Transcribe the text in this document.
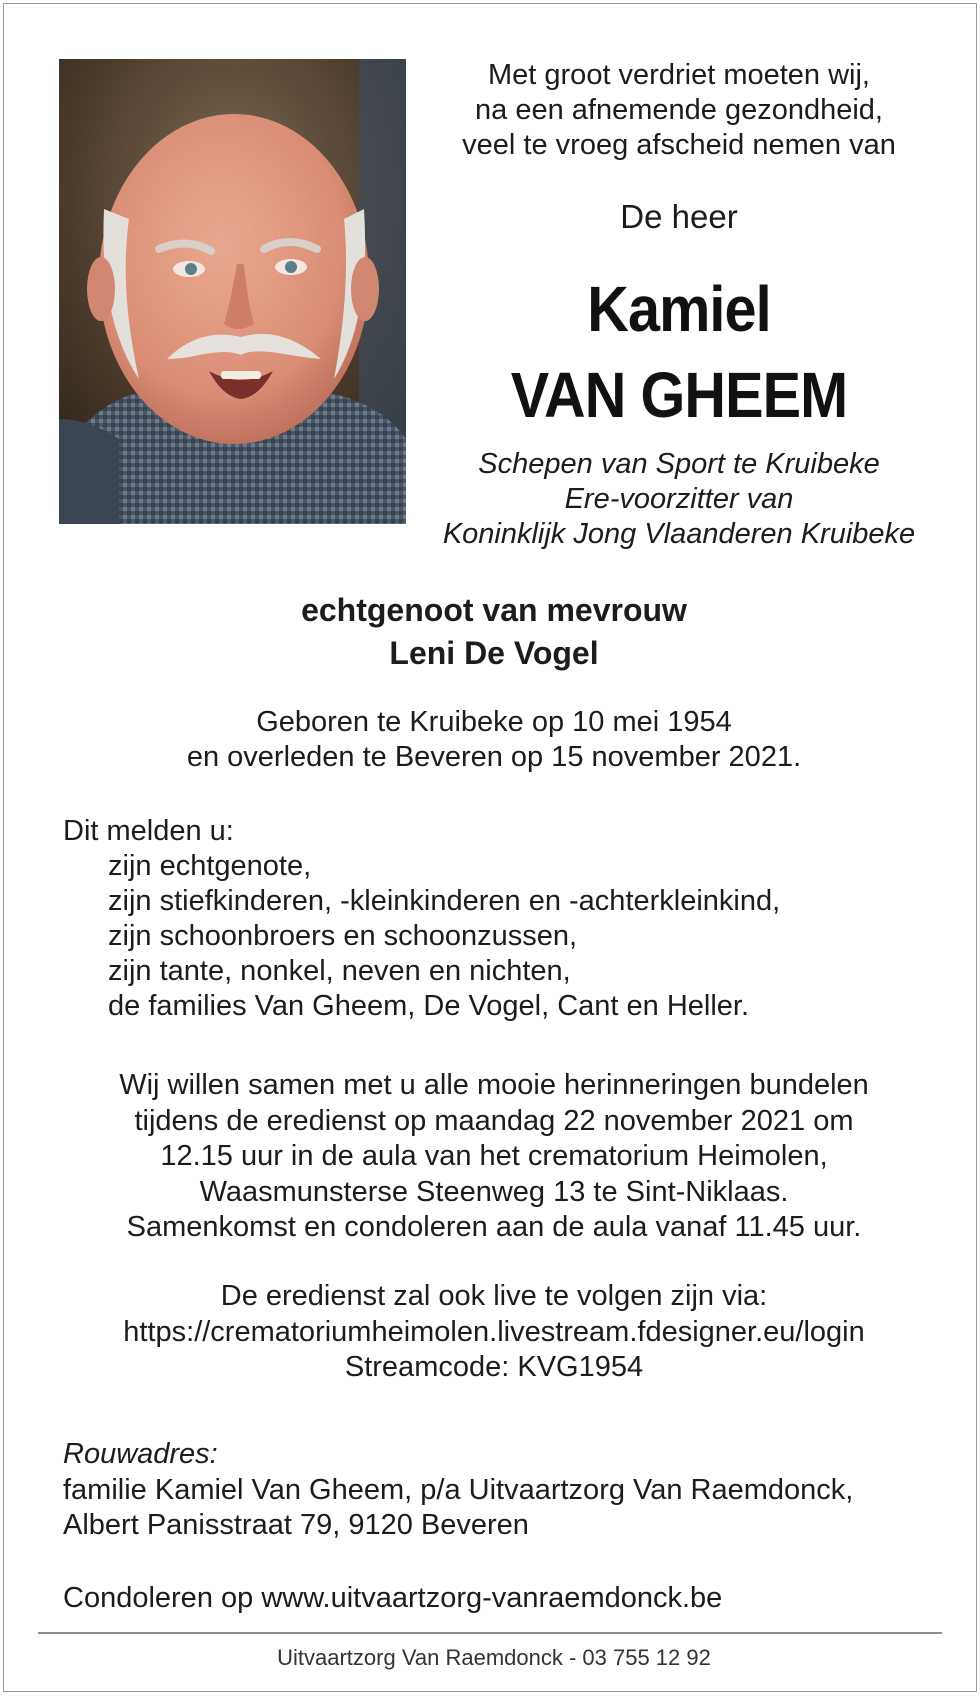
Met groot verdriet moeten wij,
na een afnemende gezondheid,
veel te vroeg afscheid nemen van
De heer
Kamiel
VAN GHEEM
Schepen van Sport te Kruibeke
Ere-voorzitter van
Koninklijk Jong Vlaanderen Kruibeke
echtgenoot van mevrouw
Leni De Vogel
Geboren te Kruibeke op 10 mei 1954
en overleden te Beveren op 15 november 2021.
Dit melden u:
zijn echtgenote,
zijn stiefkinderen, -kleinkinderen en -achterkleinkind,
zijn schoonbroers en schoonzussen,
zijn tante, nonkel, neven en nichten,
de families Van Gheem, De Vogel, Cant en Heller.
Wij willen samen met u alle mooie herinneringen bundelen
tijdens de eredienst op maandag 22 november 2021 om
12.15 uur in de aula van het crematorium Heimolen,
Waasmunsterse Steenweg 13 te Sint-Niklaas.
Samenkomst en condoleren aan de aula vanaf 11.45 uur.
De eredienst zal ook live te volgen zijn via:
https://crematoriumheimolen.livestream.fdesigner.eu/login
Streamcode: KVG1954
Rouwadres:
familie Kamiel Van Gheem, p/a Uitvaartzorg Van Raemdonck,
Albert Panisstraat 79, 9120 Beveren
Condoleren op www.uitvaartzorg-vanraemdonck.be
Uitvaartzorg Van Raemdonck - 03 755 12 92
